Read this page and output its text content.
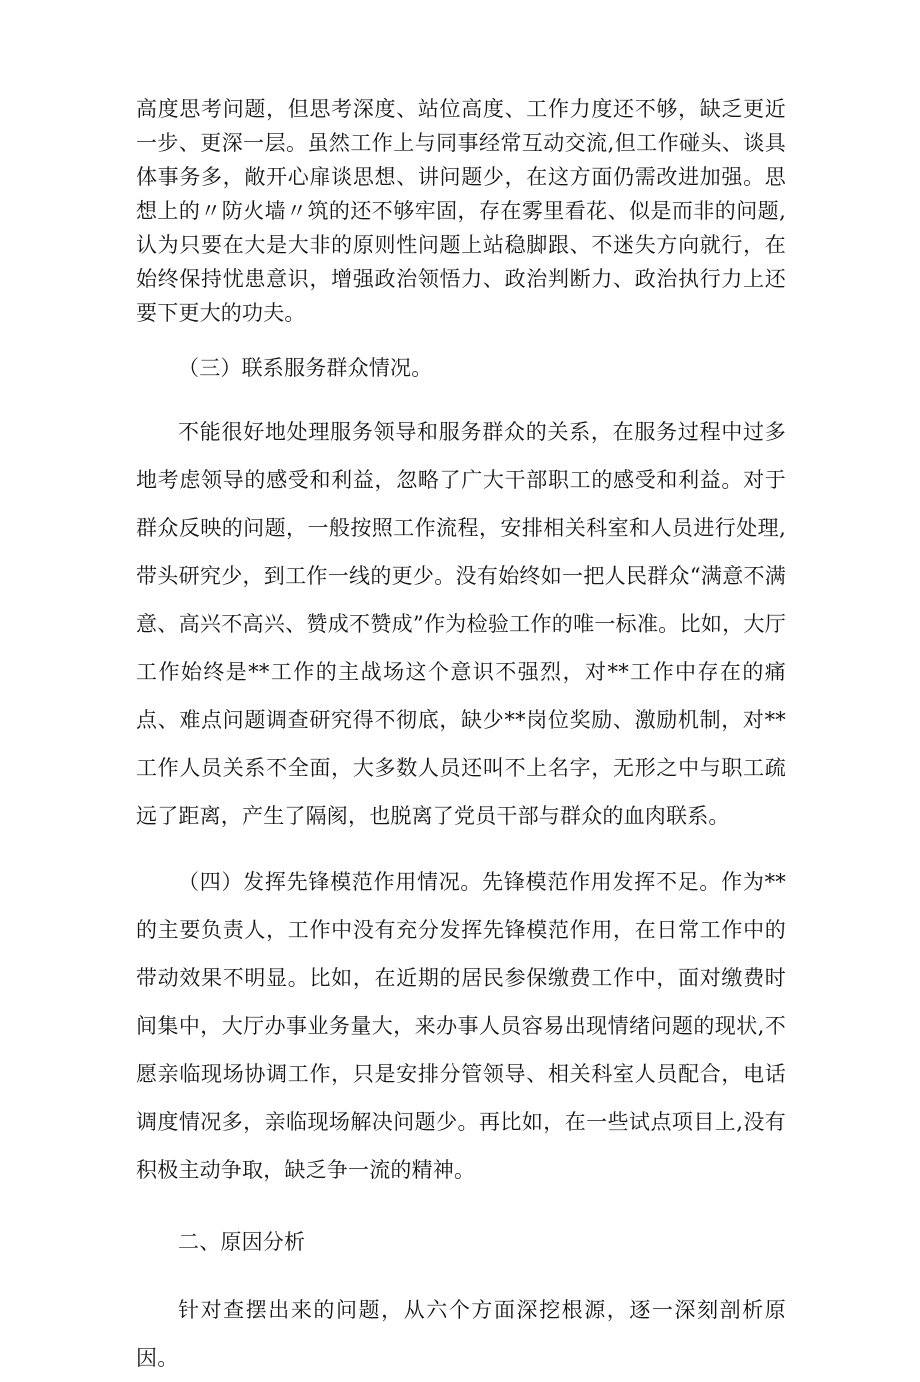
高度思考问题，但思考深度、站位高度、工作力度还不够，缺乏更近一步、更深一层。虽然工作上与同事经常互动交流,但工作碰头、谈具体事务多，敞开心扉谈思想、讲问题少，在这方面仍需改进加强。思想上的〃防火墙〃筑的还不够牢固，存在雾里看花、似是而非的问题,认为只要在大是大非的原则性问题上站稳脚跟、不迷失方向就行，在始终保持忧患意识，增强政治领悟力、政治判断力、政治执行力上还要下更大的功夫。

（三）联系服务群众情况。

不能很好地处理服务领导和服务群众的关系，在服务过程中过多地考虑领导的感受和利益，忽略了广大干部职工的感受和利益。对于群众反映的问题，一般按照工作流程，安排相关科室和人员进行处理,带头研究少，到工作一线的更少。没有始终如一把人民群众“满意不满意、高兴不高兴、赞成不赞成”作为检验工作的唯一标准。比如，大厅工作始终是**工作的主战场这个意识不强烈，对**工作中存在的痛点、难点问题调查研究得不彻底，缺少**岗位奖励、激励机制，对**工作人员关系不全面，大多数人员还叫不上名字，无形之中与职工疏远了距离，产生了隔阂，也脱离了党员干部与群众的血肉联系。

（四）发挥先锋模范作用情况。先锋模范作用发挥不足。作为**的主要负责人，工作中没有充分发挥先锋模范作用，在日常工作中的带动效果不明显。比如，在近期的居民参保缴费工作中，面对缴费时间集中，大厅办事业务量大，来办事人员容易出现情绪问题的现状,不愿亲临现场协调工作，只是安排分管领导、相关科室人员配合，电话调度情况多，亲临现场解决问题少。再比如，在一些试点项目上,没有积极主动争取，缺乏争一流的精神。

二、原因分析

针对查摆出来的问题，从六个方面深挖根源，逐一深刻剖析原因。
